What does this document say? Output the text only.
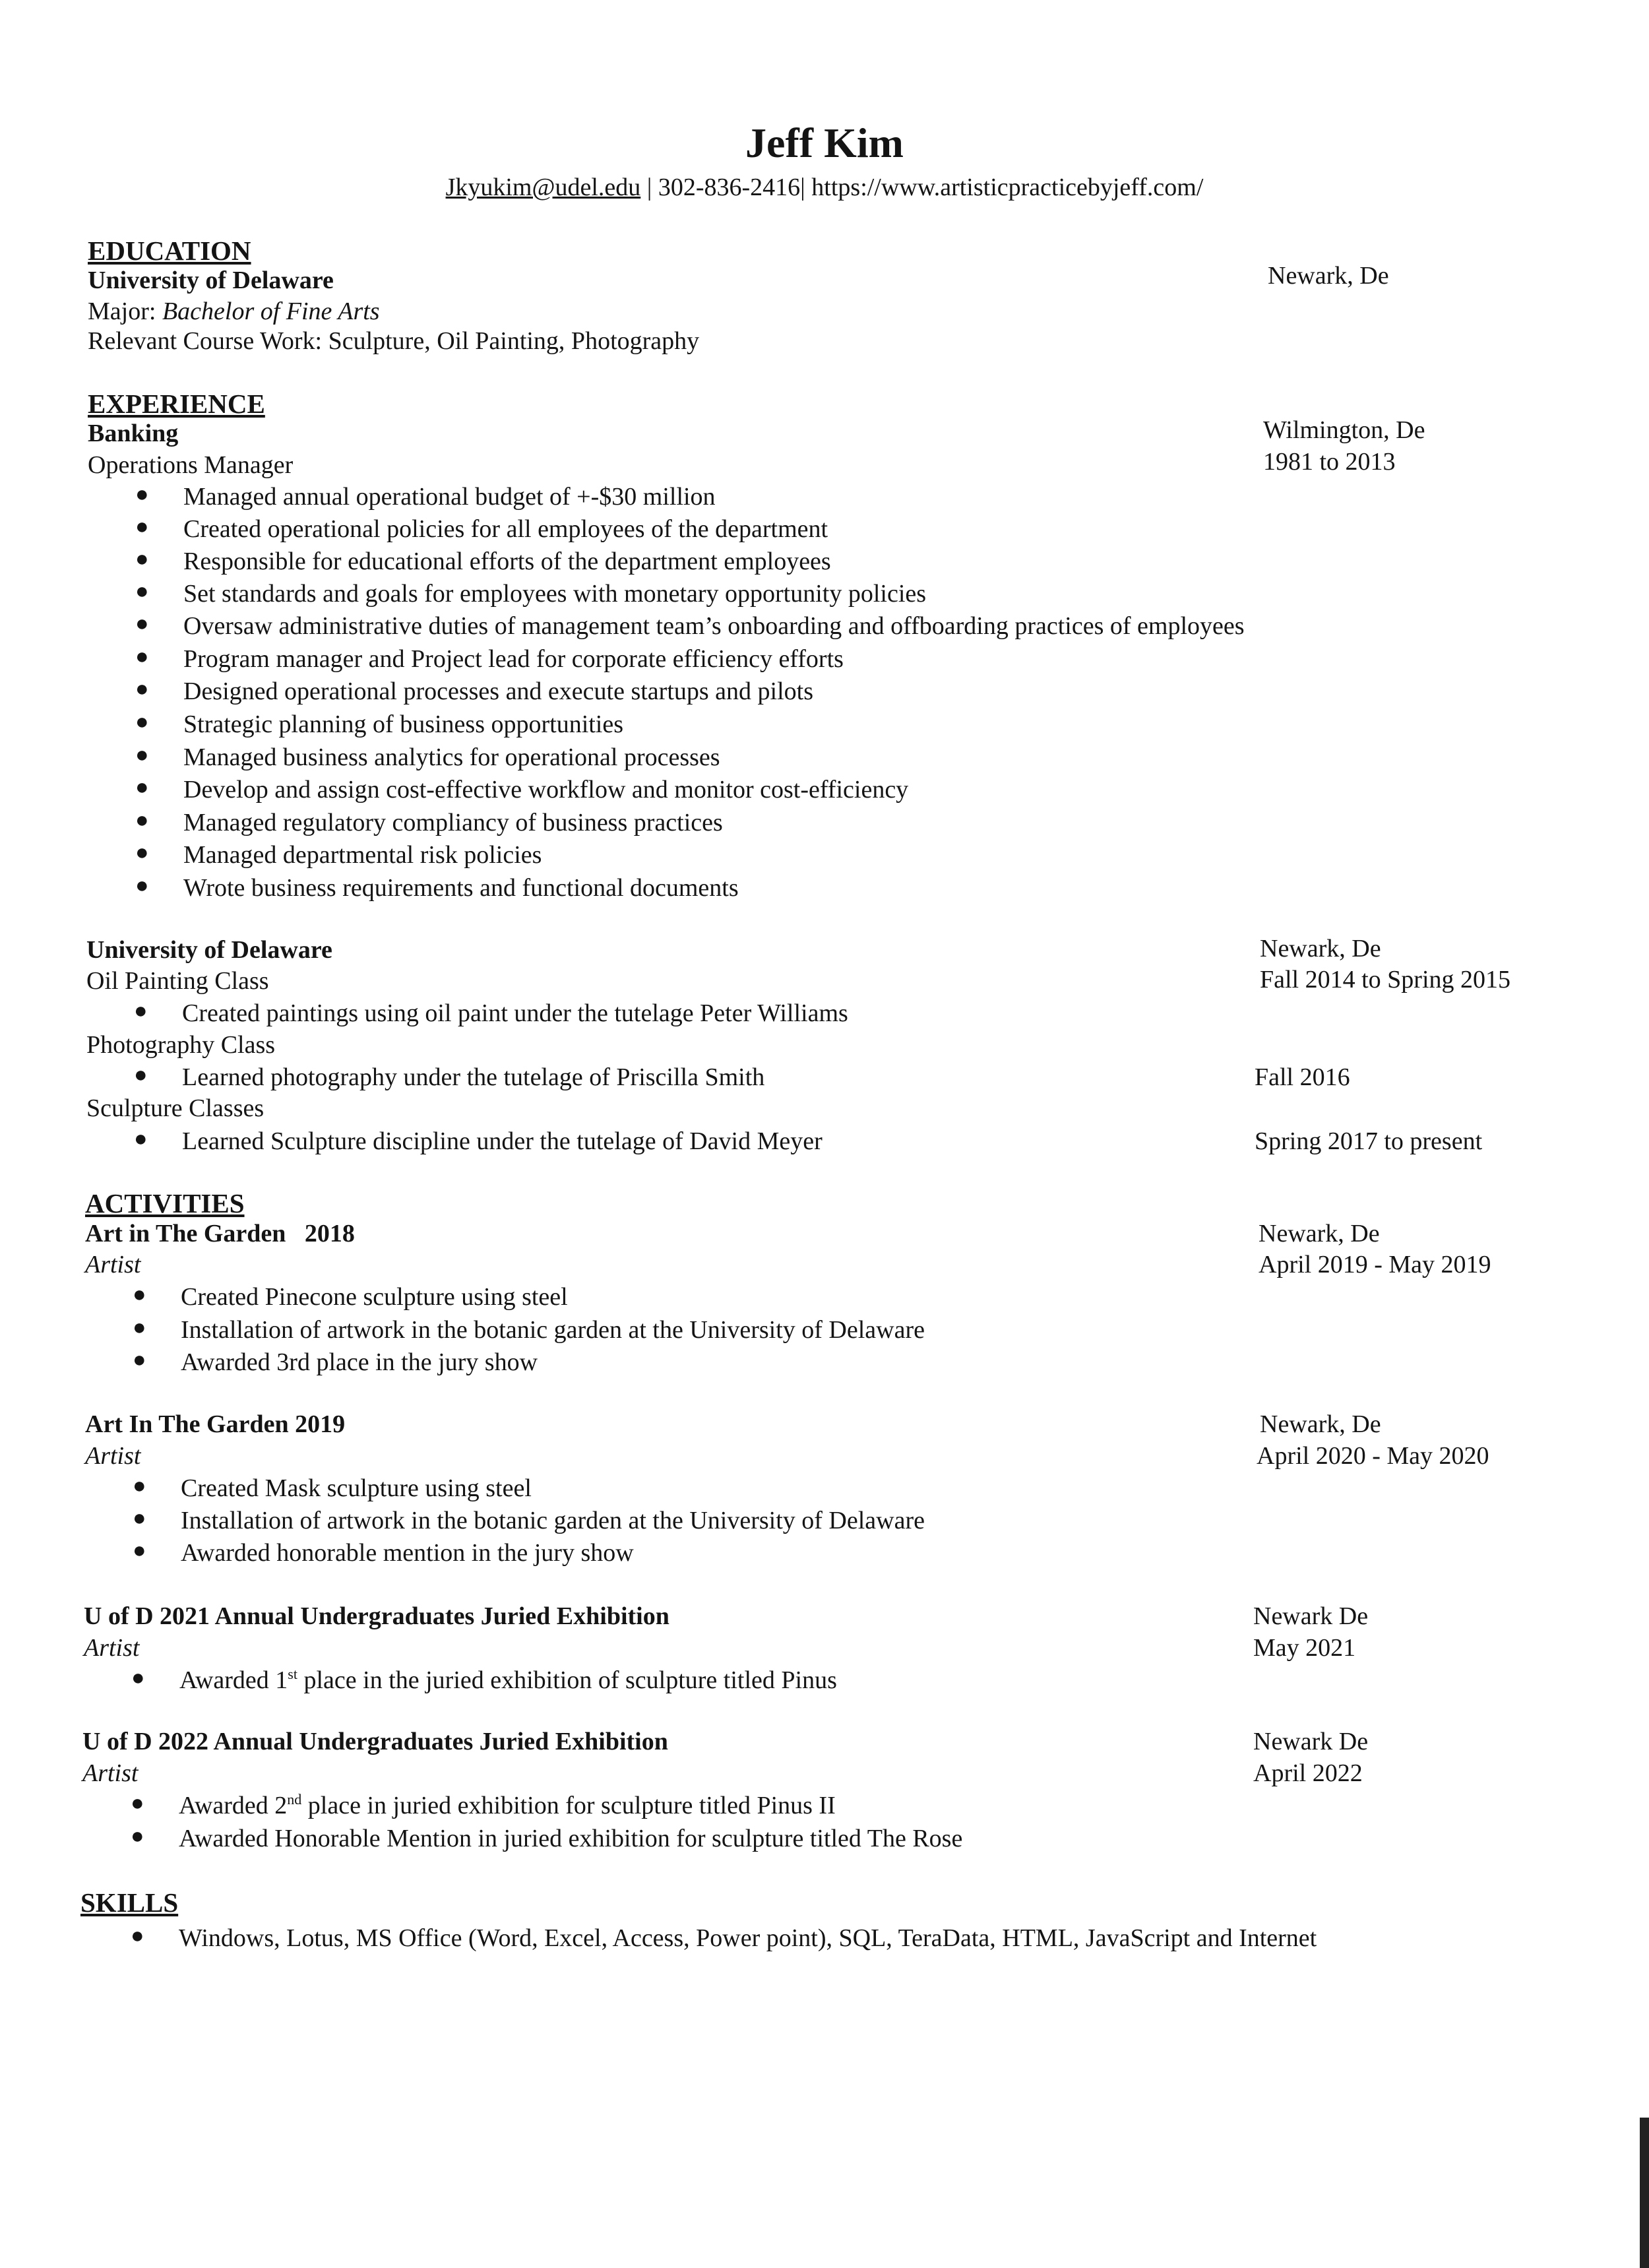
Jeff Kim
Jkyukim@udel.edu | 302-836-2416| https://www.artisticpracticebyjeff.com/
EDUCATION
University of Delaware	Newark, De
Major: Bachelor of Fine Arts
Relevant Course Work: Sculpture, Oil Painting, Photography
EXPERIENCE
Banking	Wilmington, De
Operations Manager	1981 to 2013
● Managed annual operational budget of +-$30 million
● Created operational policies for all employees of the department
● Responsible for educational efforts of the department employees
● Set standards and goals for employees with monetary opportunity policies
● Oversaw administrative duties of management team’s onboarding and offboarding practices of employees
● Program manager and Project lead for corporate efficiency efforts
● Designed operational processes and execute startups and pilots
● Strategic planning of business opportunities
● Managed business analytics for operational processes
● Develop and assign cost-effective workflow and monitor cost-efficiency
● Managed regulatory compliancy of business practices
● Managed departmental risk policies
● Wrote business requirements and functional documents
University of Delaware	Newark, De
Oil Painting Class	Fall 2014 to Spring 2015
● Created paintings using oil paint under the tutelage Peter Williams
Photography Class
● Learned photography under the tutelage of Priscilla Smith	Fall 2016
Sculpture Classes
● Learned Sculpture discipline under the tutelage of David Meyer	Spring 2017 to present
ACTIVITIES
Art in The Garden   2018	Newark, De
Artist	April 2019 - May 2019
● Created Pinecone sculpture using steel
● Installation of artwork in the botanic garden at the University of Delaware
● Awarded 3rd place in the jury show
Art In The Garden 2019	Newark, De
Artist	April 2020 - May 2020
● Created Mask sculpture using steel
● Installation of artwork in the botanic garden at the University of Delaware
● Awarded honorable mention in the jury show
U of D 2021 Annual Undergraduates Juried Exhibition	Newark De
Artist	May 2021
● Awarded 1st place in the juried exhibition of sculpture titled Pinus
U of D 2022 Annual Undergraduates Juried Exhibition	Newark De
Artist	April 2022
● Awarded 2nd place in juried exhibition for sculpture titled Pinus II
● Awarded Honorable Mention in juried exhibition for sculpture titled The Rose
SKILLS
● Windows, Lotus, MS Office (Word, Excel, Access, Power point), SQL, TeraData, HTML, JavaScript and Internet
